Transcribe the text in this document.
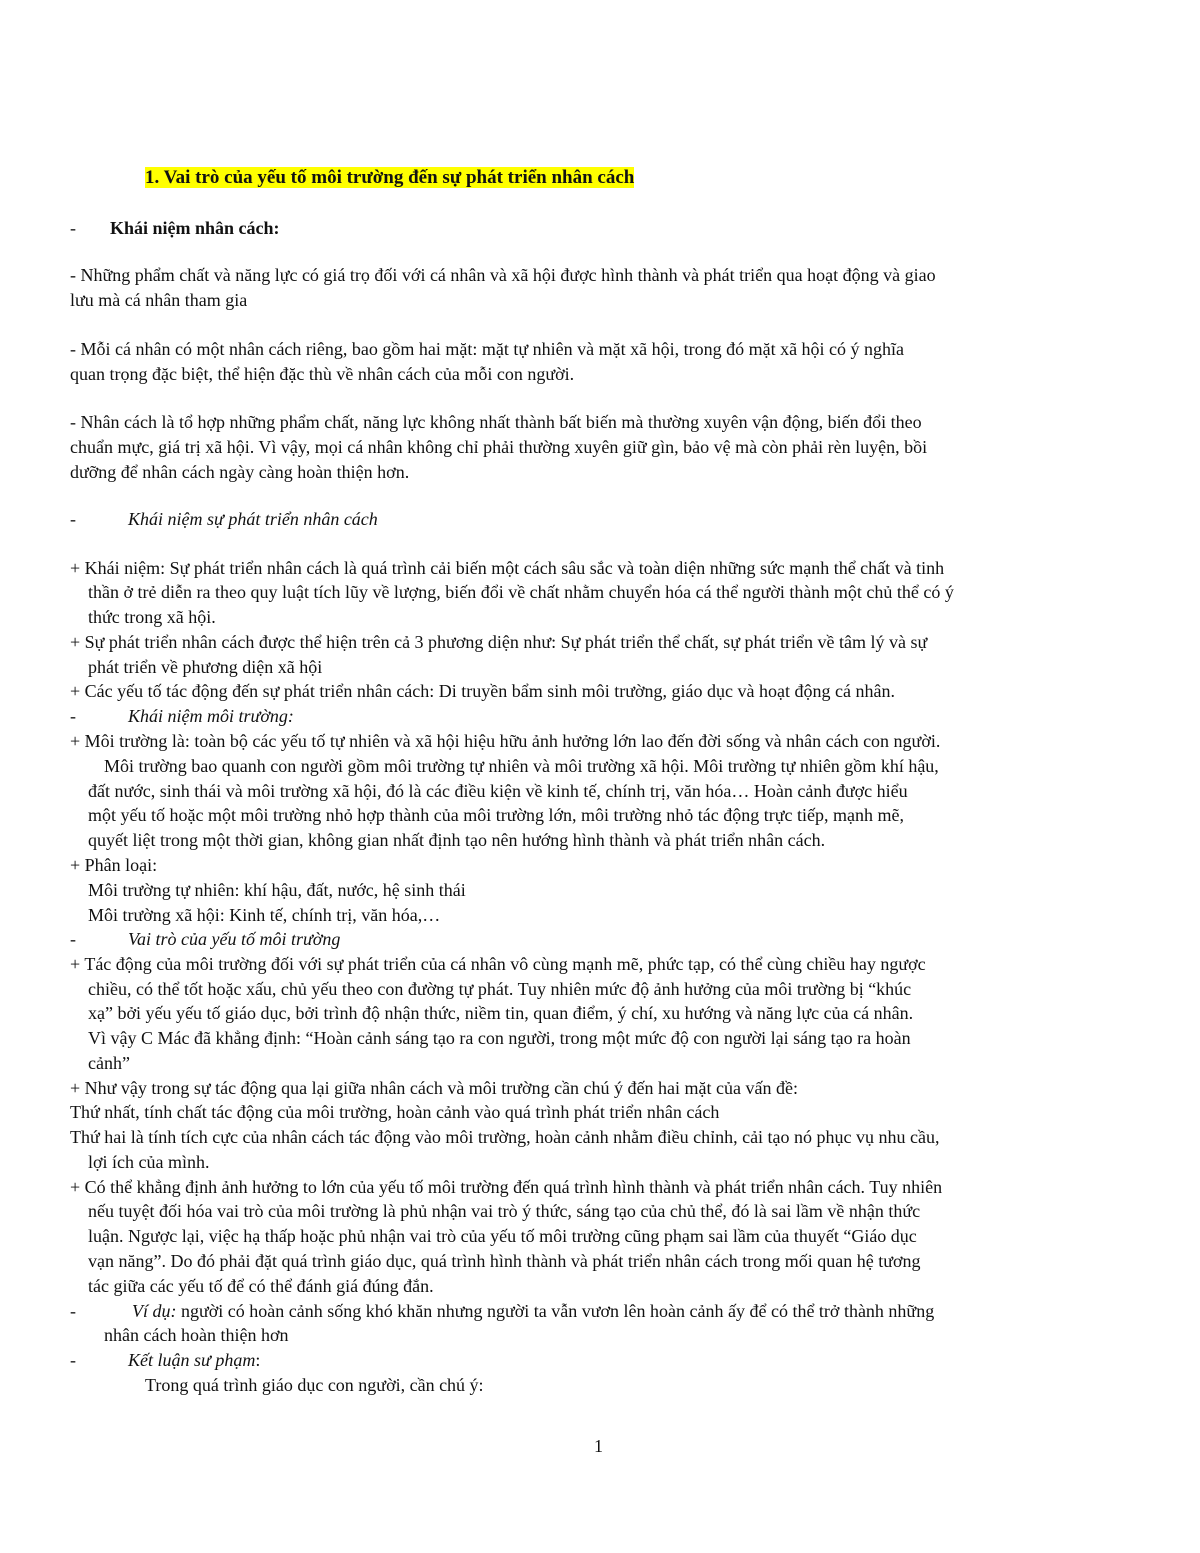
1. Vai trò của yếu tố môi trường đến sự phát triển nhân cách
- Khái niệm nhân cách:
- Những phẩm chất và năng lực có giá trọ đối với cá nhân và xã hội được hình thành và phát triển qua hoạt động và giao
lưu mà cá nhân tham gia
- Mỗi cá nhân có một nhân cách riêng, bao gồm hai mặt: mặt tự nhiên và mặt xã hội, trong đó mặt xã hội có ý nghĩa
quan trọng đặc biệt, thể hiện đặc thù về nhân cách của mỗi con người.
- Nhân cách là tổ hợp những phẩm chất, năng lực không nhất thành bất biến mà thường xuyên vận động, biến đổi theo
chuẩn mực, giá trị xã hội. Vì vậy, mọi cá nhân không chỉ phải thường xuyên giữ gìn, bảo vệ mà còn phải rèn luyện, bồi
dưỡng để nhân cách ngày càng hoàn thiện hơn.
-	Khái niệm sự phát triển nhân cách
+ Khái niệm: Sự phát triển nhân cách là quá trình cải biến một cách sâu sắc và toàn diện những sức mạnh thể chất và tinh
thần ở trẻ diễn ra theo quy luật tích lũy về lượng, biến đổi về chất nhằm chuyển hóa cá thể người thành một chủ thể có ý
thức trong xã hội.
+ Sự phát triển nhân cách được thể hiện trên cả 3 phương diện như: Sự phát triển thể chất, sự phát triển về tâm lý và sự
phát triển về phương diện xã hội
+ Các yếu tố tác động đến sự phát triển nhân cách: Di truyền bẩm sinh môi trường, giáo dục và hoạt động cá nhân.
-	Khái niệm môi trường:
+ Môi trường là: toàn bộ các yếu tố tự nhiên và xã hội hiệu hữu ảnh hưởng lớn lao đến đời sống và nhân cách con người.
Môi trường bao quanh con người gồm môi trường tự nhiên và môi trường xã hội. Môi trường tự nhiên gồm khí hậu,
đất nước, sinh thái và môi trường xã hội, đó là các điều kiện về kinh tế, chính trị, văn hóa… Hoàn cảnh được hiểu
một yếu tố hoặc một môi trường nhỏ hợp thành của môi trường lớn, môi trường nhỏ tác động trực tiếp, mạnh mẽ,
quyết liệt trong một thời gian, không gian nhất định tạo nên hướng hình thành và phát triển nhân cách.
+ Phân loại:
Môi trường tự nhiên: khí hậu, đất, nước, hệ sinh thái
Môi trường xã hội: Kinh tế, chính trị, văn hóa,…
-	Vai trò của yếu tố môi trường
+ Tác động của môi trường đối với sự phát triển của cá nhân vô cùng mạnh mẽ, phức tạp, có thể cùng chiều hay ngược
chiều, có thể tốt hoặc xấu, chủ yếu theo con đường tự phát. Tuy nhiên mức độ ảnh hưởng của môi trường bị “khúc
xạ” bởi yếu yếu tố giáo dục, bởi trình độ nhận thức, niềm tin, quan điểm, ý chí, xu hướng và năng lực của cá nhân.
Vì vậy C Mác đã khẳng định: “Hoàn cảnh sáng tạo ra con người, trong một mức độ con người lại sáng tạo ra hoàn
cảnh”
+ Như vậy trong sự tác động qua lại giữa nhân cách và môi trường cần chú ý đến hai mặt của vấn đề:
Thứ nhất, tính chất tác động của môi trường, hoàn cảnh vào quá trình phát triển nhân cách
Thứ hai là tính tích cực của nhân cách tác động vào môi trường, hoàn cảnh nhằm điều chỉnh, cải tạo nó phục vụ nhu cầu,
lợi ích của mình.
+ Có thể khẳng định ảnh hưởng to lớn của yếu tố môi trường đến quá trình hình thành và phát triển nhân cách. Tuy nhiên
nếu tuyệt đối hóa vai trò của môi trường là phủ nhận vai trò ý thức, sáng tạo của chủ thể, đó là sai lầm về nhận thức
luận. Ngược lại, việc hạ thấp hoặc phủ nhận vai trò của yếu tố môi trường cũng phạm sai lầm của thuyết “Giáo dục
vạn năng”. Do đó phải đặt quá trình giáo dục, quá trình hình thành và phát triển nhân cách trong mối quan hệ tương
tác giữa các yếu tố để có thể đánh giá đúng đắn.
-	Ví dụ: người có hoàn cảnh sống khó khăn nhưng người ta vẫn vươn lên hoàn cảnh ấy để có thể trở thành những
nhân cách hoàn thiện hơn
-	Kết luận sư phạm:
Trong quá trình giáo dục con người, cần chú ý:
1
